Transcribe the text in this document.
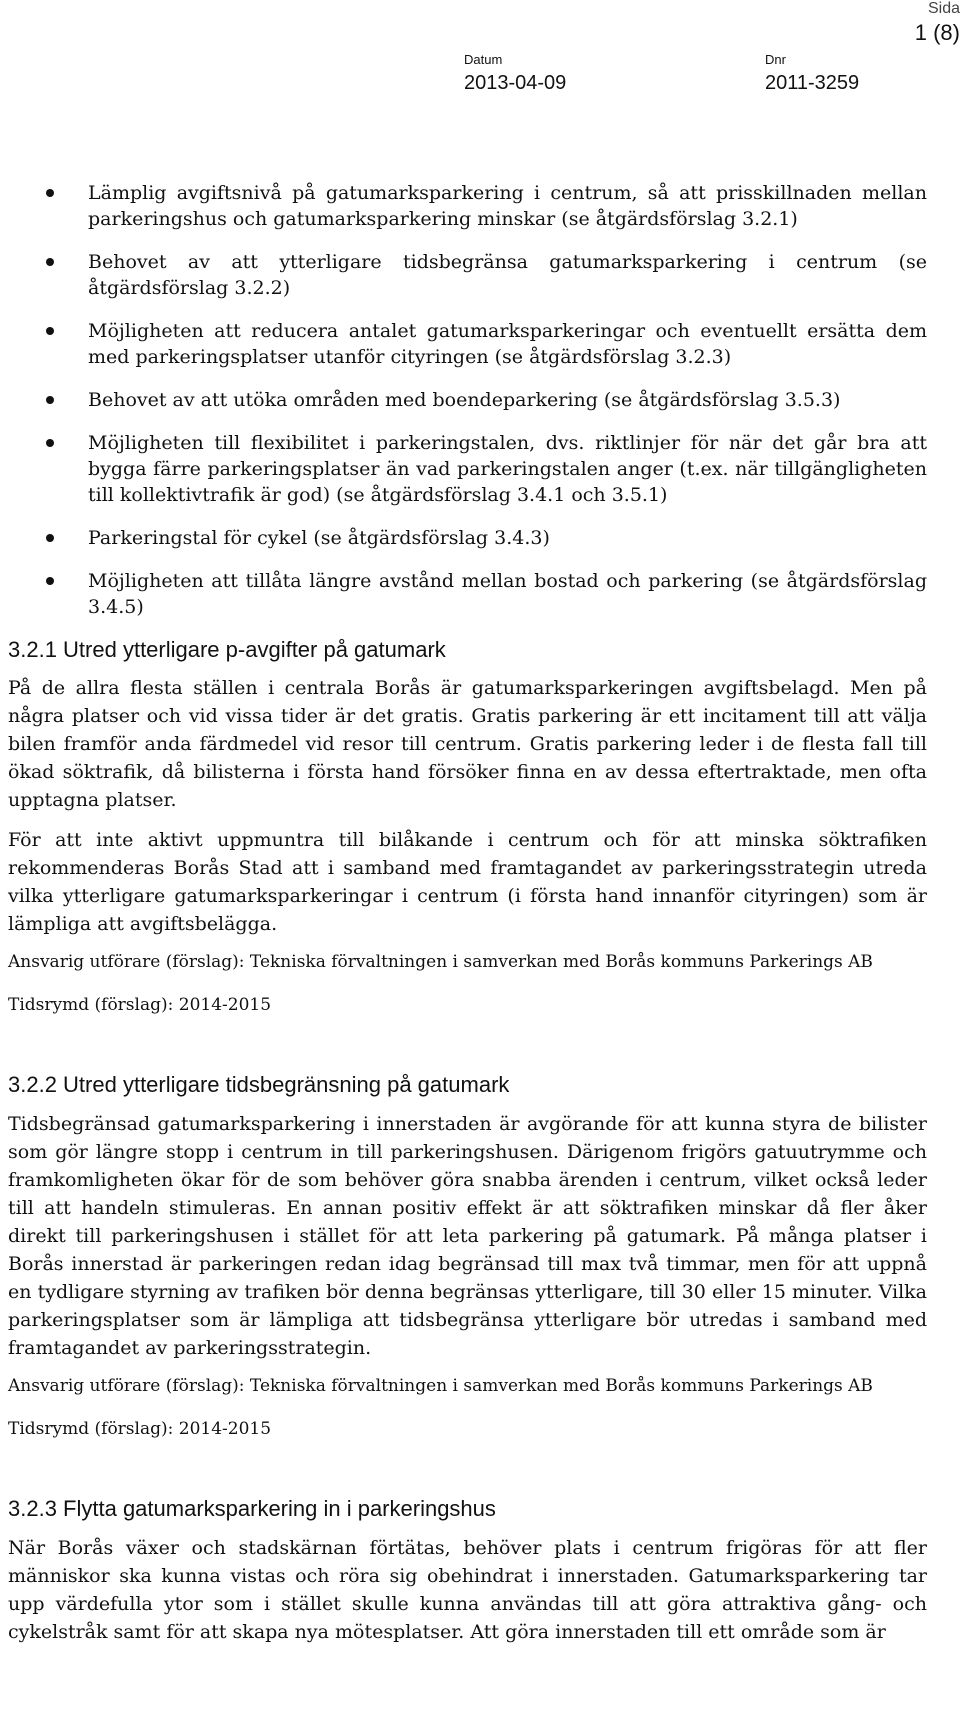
Sida
1 (8)
Datum
2013-04-09
Dnr
2011-3259
Lämplig avgiftsnivå på gatumarksparkering i centrum, så att prisskillnaden mellan parkeringshus och gatumarksparkering minskar (se åtgärdsförslag 3.2.1)
Behovet av att ytterligare tidsbegränsa gatumarksparkering i centrum (se åtgärdsförslag 3.2.2)
Möjligheten att reducera antalet gatumarksparkeringar och eventuellt ersätta dem med parkeringsplatser utanför cityringen (se åtgärdsförslag 3.2.3)
Behovet av att utöka områden med boendeparkering (se åtgärdsförslag 3.5.3)
Möjligheten till flexibilitet i parkeringstalen, dvs. riktlinjer för när det går bra att bygga färre parkeringsplatser än vad parkeringstalen anger (t.ex. när tillgängligheten till kollektivtrafik är god) (se åtgärdsförslag 3.4.1 och 3.5.1)
Parkeringstal för cykel (se åtgärdsförslag 3.4.3)
Möjligheten att tillåta längre avstånd mellan bostad och parkering (se åtgärdsförslag 3.4.5)
3.2.1 Utred ytterligare p-avgifter på gatumark

På de allra flesta ställen i centrala Borås är gatumarksparkeringen avgiftsbelagd. Men på några platser och vid vissa tider är det gratis. Gratis parkering är ett incitament till att välja bilen framför anda färdmedel vid resor till centrum. Gratis parkering leder i de flesta fall till ökad söktrafik, då bilisterna i första hand försöker finna en av dessa eftertraktade, men ofta upptagna platser.

För att inte aktivt uppmuntra till bilåkande i centrum och för att minska söktrafiken rekommenderas Borås Stad att i samband med framtagandet av parkeringsstrategin utreda vilka ytterligare gatumarksparkeringar i centrum (i första hand innanför cityringen) som är lämpliga att avgiftsbelägga.

Ansvarig utförare (förslag): Tekniska förvaltningen i samverkan med Borås kommuns Parkerings AB

Tidsrymd (förslag): 2014-2015

3.2.2 Utred ytterligare tidsbegränsning på gatumark

Tidsbegränsad gatumarksparkering i innerstaden är avgörande för att kunna styra de bilister som gör längre stopp i centrum in till parkeringshusen. Därigenom frigörs gatuutrymme och framkomligheten ökar för de som behöver göra snabba ärenden i centrum, vilket också leder till att handeln stimuleras. En annan positiv effekt är att söktrafiken minskar då fler åker direkt till parkeringshusen i stället för att leta parkering på gatumark. På många platser i Borås innerstad är parkeringen redan idag begränsad till max två timmar, men för att uppnå en tydligare styrning av trafiken bör denna begränsas ytterligare, till 30 eller 15 minuter. Vilka parkeringsplatser som är lämpliga att tidsbegränsa ytterligare bör utredas i samband med framtagandet av parkeringsstrategin.

Ansvarig utförare (förslag): Tekniska förvaltningen i samverkan med Borås kommuns Parkerings AB

Tidsrymd (förslag): 2014-2015

3.2.3 Flytta gatumarksparkering in i parkeringshus

När Borås växer och stadskärnan förtätas, behöver plats i centrum frigöras för att fler människor ska kunna vistas och röra sig obehindrat i innerstaden. Gatumarksparkering tar upp värdefulla ytor som i stället skulle kunna användas till att göra attraktiva gång- och cykelstråk samt för att skapa nya mötesplatser. Att göra innerstaden till ett område som är
